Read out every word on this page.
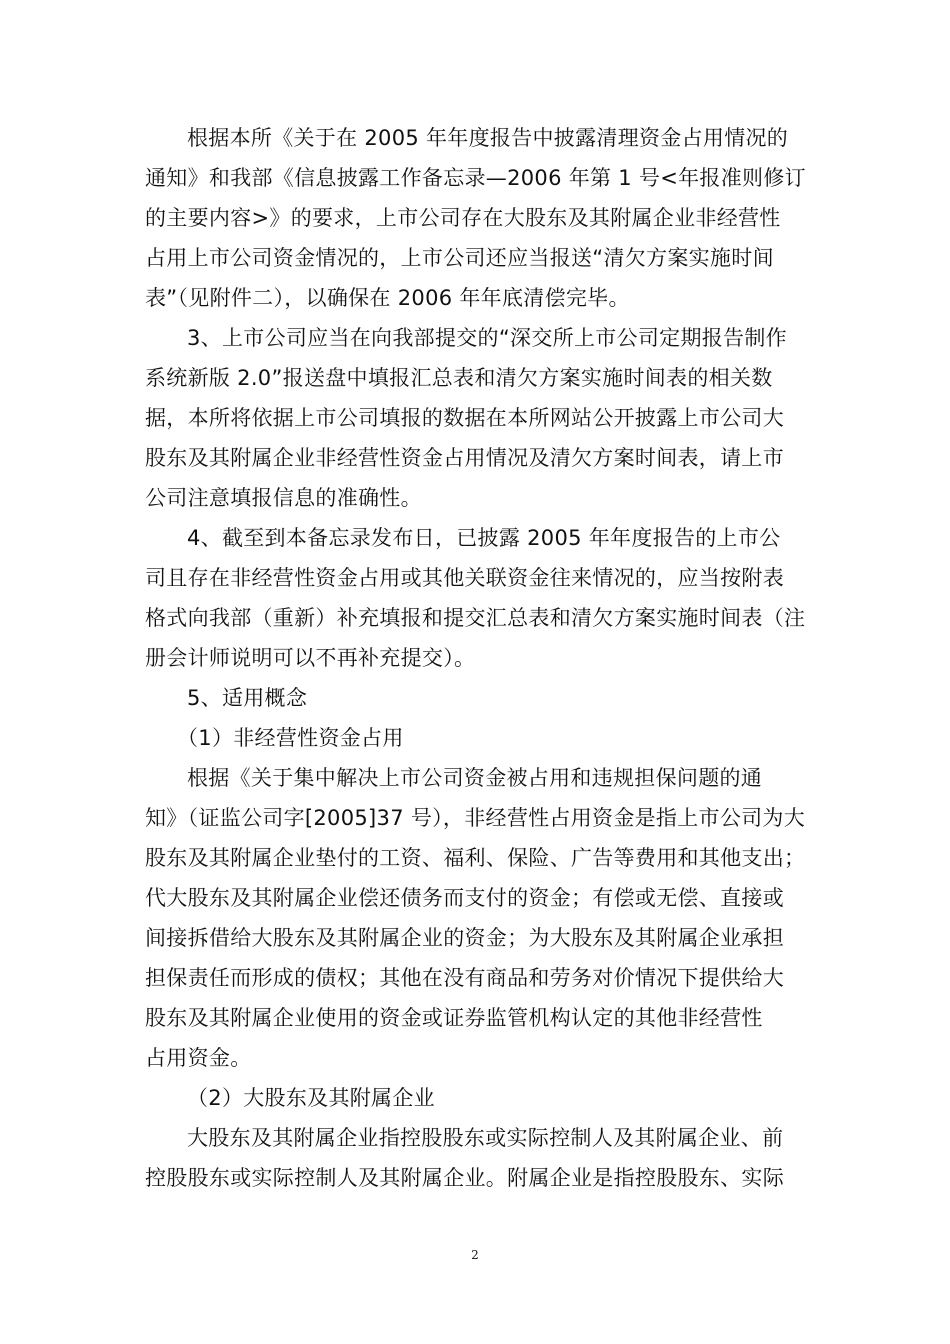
根据本所《关于在 2005 年年度报告中披露清理资金占用情况的
通知》和我部《信息披露工作备忘录—2006 年第 1 号<年报准则修订
的主要内容>》的要求，上市公司存在大股东及其附属企业非经营性
占用上市公司资金情况的，上市公司还应当报送“清欠方案实施时间
表”（见附件二），以确保在 2006 年年底清偿完毕。
3、上市公司应当在向我部提交的“深交所上市公司定期报告制作
系统新版 2.0”报送盘中填报汇总表和清欠方案实施时间表的相关数
据，本所将依据上市公司填报的数据在本所网站公开披露上市公司大
股东及其附属企业非经营性资金占用情况及清欠方案时间表，请上市
公司注意填报信息的准确性。
4、截至到本备忘录发布日，已披露 2005 年年度报告的上市公
司且存在非经营性资金占用或其他关联资金往来情况的，应当按附表
格式向我部（重新）补充填报和提交汇总表和清欠方案实施时间表（注
册会计师说明可以不再补充提交）。
5、适用概念
（1）非经营性资金占用
根据《关于集中解决上市公司资金被占用和违规担保问题的通
知》（证监公司字[2005]37 号），非经营性占用资金是指上市公司为大
股东及其附属企业垫付的工资、福利、保险、广告等费用和其他支出；
代大股东及其附属企业偿还债务而支付的资金；有偿或无偿、直接或
间接拆借给大股东及其附属企业的资金；为大股东及其附属企业承担
担保责任而形成的债权；其他在没有商品和劳务对价情况下提供给大
股东及其附属企业使用的资金或证券监管机构认定的其他非经营性
占用资金。
（2）大股东及其附属企业
大股东及其附属企业指控股股东或实际控制人及其附属企业、前
控股股东或实际控制人及其附属企业。附属企业是指控股股东、实际
2
